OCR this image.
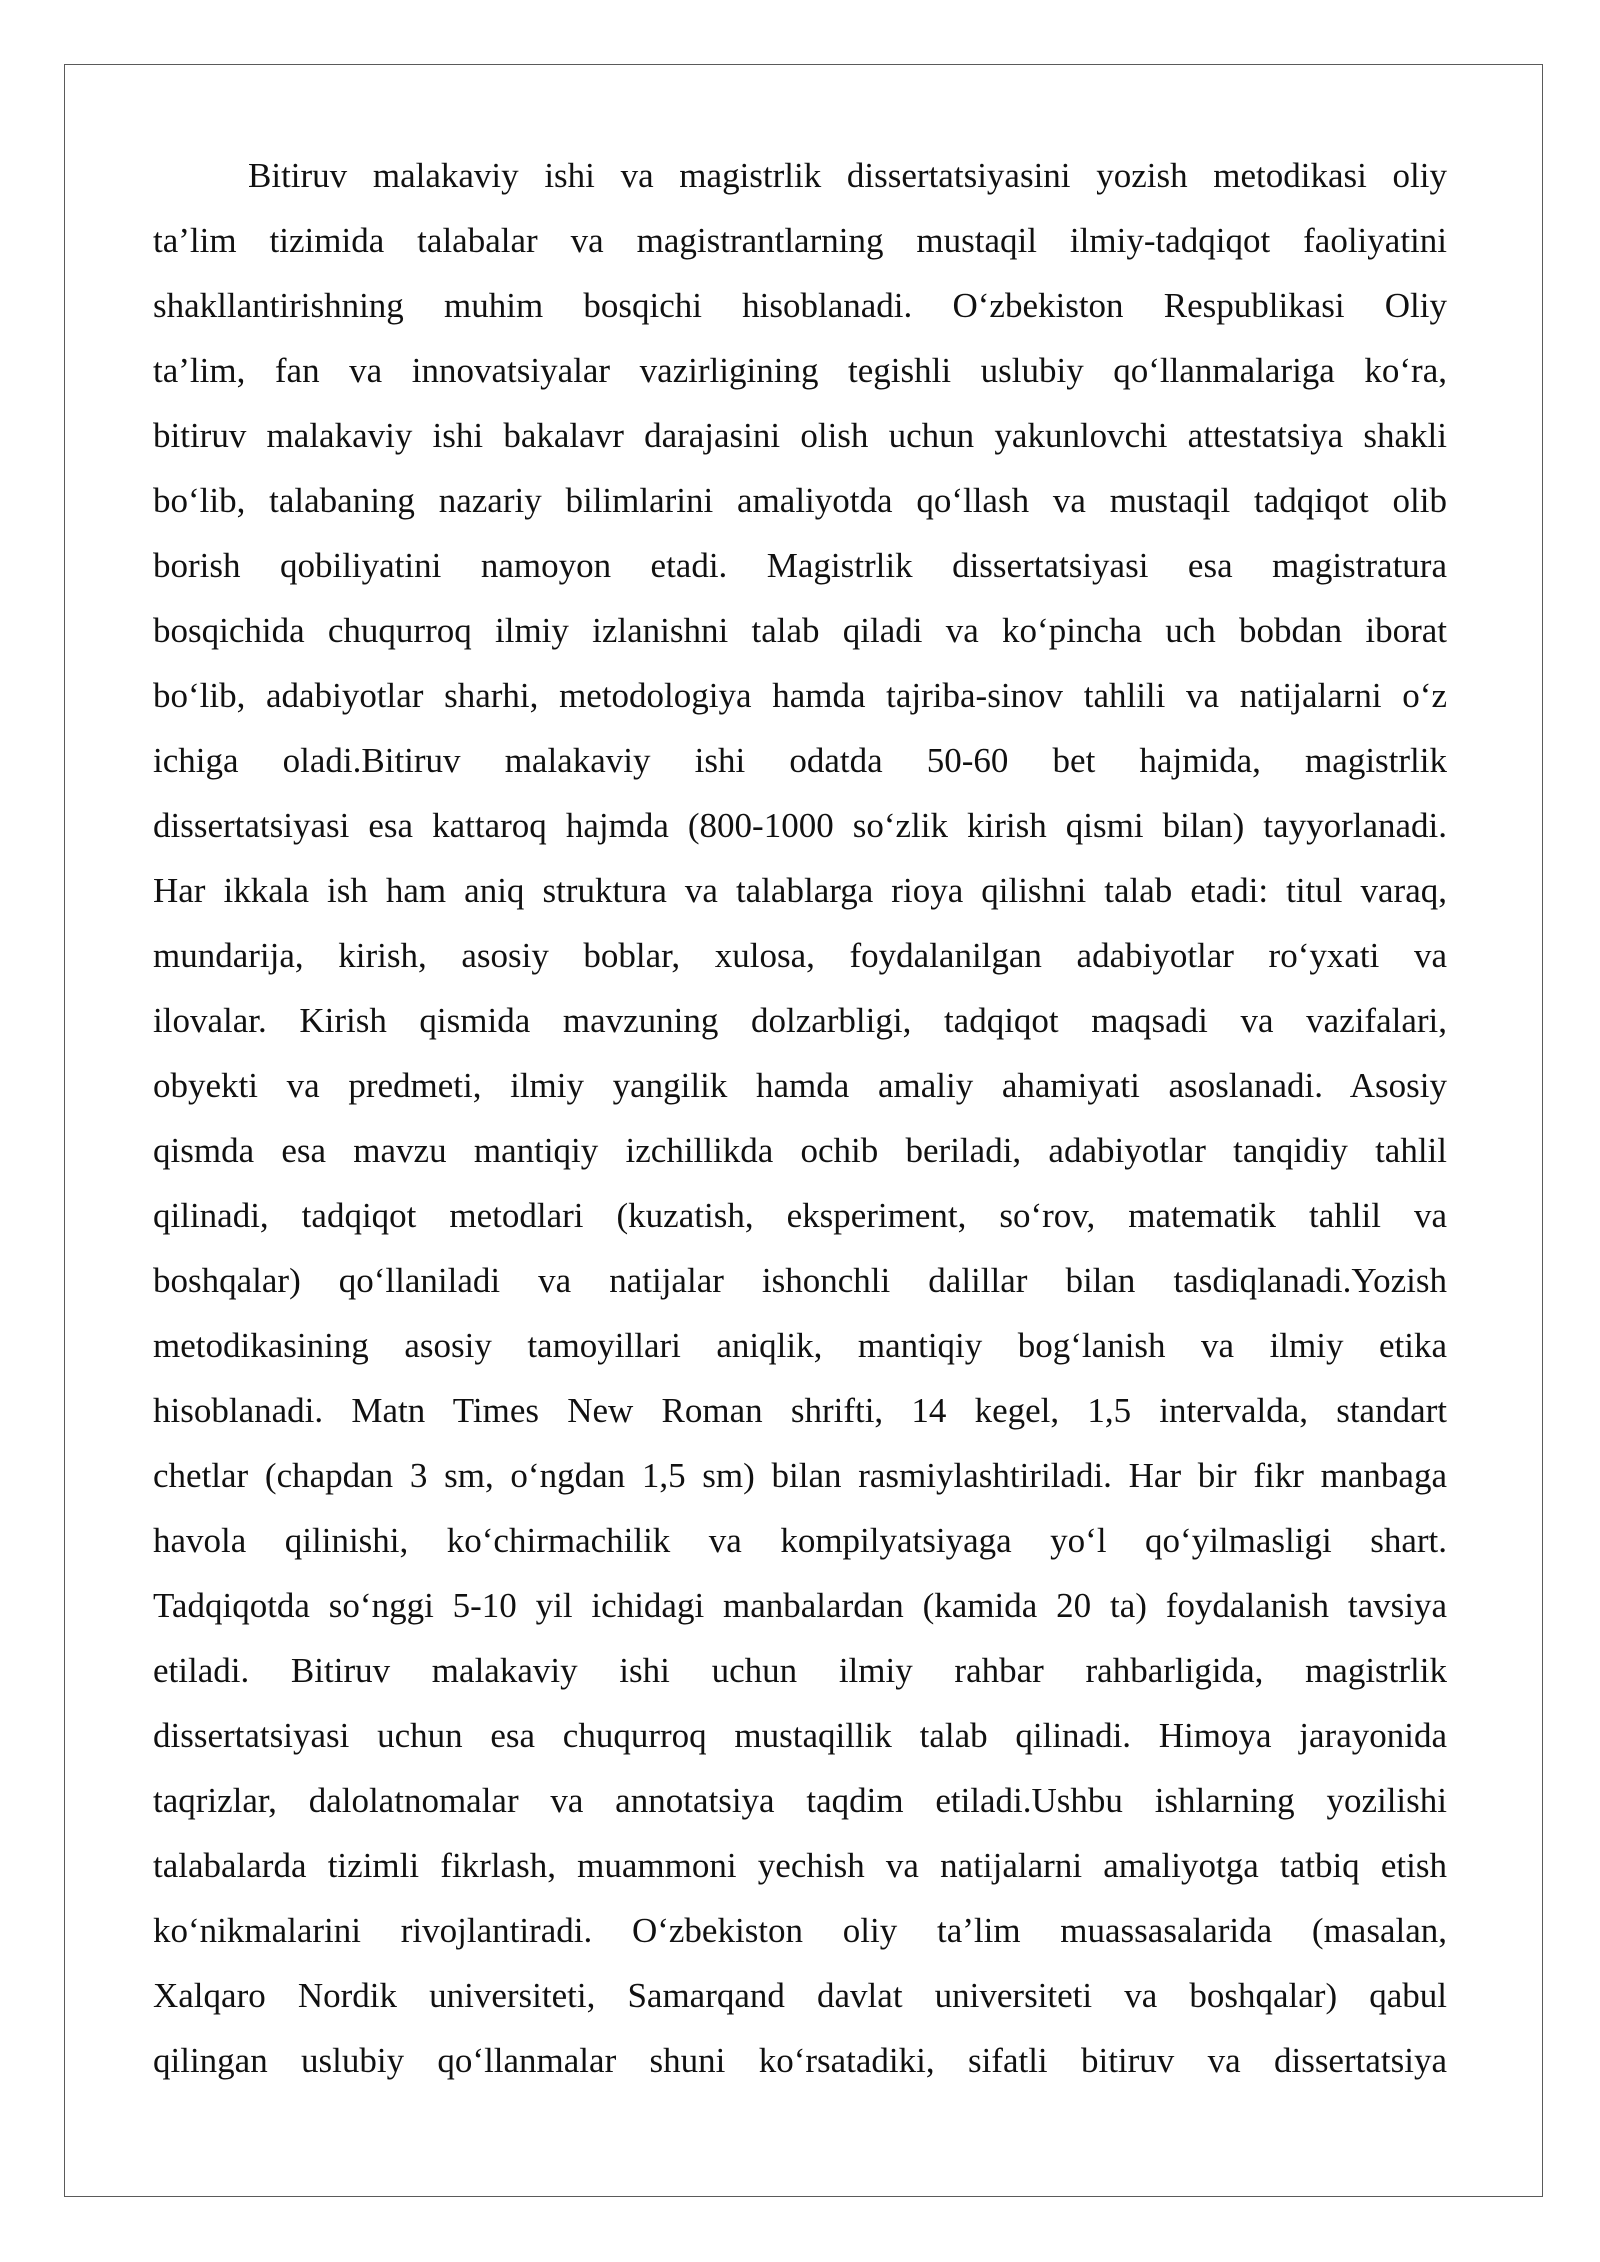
Bitiruv malakaviy ishi va magistrlik dissertatsiyasini yozish metodikasi oliy
ta’lim tizimida talabalar va magistrantlarning mustaqil ilmiy-tadqiqot faoliyatini
shakllantirishning muhim bosqichi hisoblanadi. O‘zbekiston Respublikasi Oliy
ta’lim, fan va innovatsiyalar vazirligining tegishli uslubiy qo‘llanmalariga ko‘ra,
bitiruv malakaviy ishi bakalavr darajasini olish uchun yakunlovchi attestatsiya shakli
bo‘lib, talabaning nazariy bilimlarini amaliyotda qo‘llash va mustaqil tadqiqot olib
borish qobiliyatini namoyon etadi. Magistrlik dissertatsiyasi esa magistratura
bosqichida chuqurroq ilmiy izlanishni talab qiladi va ko‘pincha uch bobdan iborat
bo‘lib, adabiyotlar sharhi, metodologiya hamda tajriba-sinov tahlili va natijalarni o‘z
ichiga oladi.Bitiruv malakaviy ishi odatda 50-60 bet hajmida, magistrlik
dissertatsiyasi esa kattaroq hajmda (800-1000 so‘zlik kirish qismi bilan) tayyorlanadi.
Har ikkala ish ham aniq struktura va talablarga rioya qilishni talab etadi: titul varaq,
mundarija, kirish, asosiy boblar, xulosa, foydalanilgan adabiyotlar ro‘yxati va
ilovalar. Kirish qismida mavzuning dolzarbligi, tadqiqot maqsadi va vazifalari,
obyekti va predmeti, ilmiy yangilik hamda amaliy ahamiyati asoslanadi. Asosiy
qismda esa mavzu mantiqiy izchillikda ochib beriladi, adabiyotlar tanqidiy tahlil
qilinadi, tadqiqot metodlari (kuzatish, eksperiment, so‘rov, matematik tahlil va
boshqalar) qo‘llaniladi va natijalar ishonchli dalillar bilan tasdiqlanadi.Yozish
metodikasining asosiy tamoyillari aniqlik, mantiqiy bog‘lanish va ilmiy etika
hisoblanadi. Matn Times New Roman shrifti, 14 kegel, 1,5 intervalda, standart
chetlar (chapdan 3 sm, o‘ngdan 1,5 sm) bilan rasmiylashtiriladi. Har bir fikr manbaga
havola qilinishi, ko‘chirmachilik va kompilyatsiyaga yo‘l qo‘yilmasligi shart.
Tadqiqotda so‘nggi 5-10 yil ichidagi manbalardan (kamida 20 ta) foydalanish tavsiya
etiladi. Bitiruv malakaviy ishi uchun ilmiy rahbar rahbarligida, magistrlik
dissertatsiyasi uchun esa chuqurroq mustaqillik talab qilinadi. Himoya jarayonida
taqrizlar, dalolatnomalar va annotatsiya taqdim etiladi.Ushbu ishlarning yozilishi
talabalarda tizimli fikrlash, muammoni yechish va natijalarni amaliyotga tatbiq etish
ko‘nikmalarini rivojlantiradi. O‘zbekiston oliy ta’lim muassasalarida (masalan,
Xalqaro Nordik universiteti, Samarqand davlat universiteti va boshqalar) qabul
qilingan uslubiy qo‘llanmalar shuni ko‘rsatadiki, sifatli bitiruv va dissertatsiya
